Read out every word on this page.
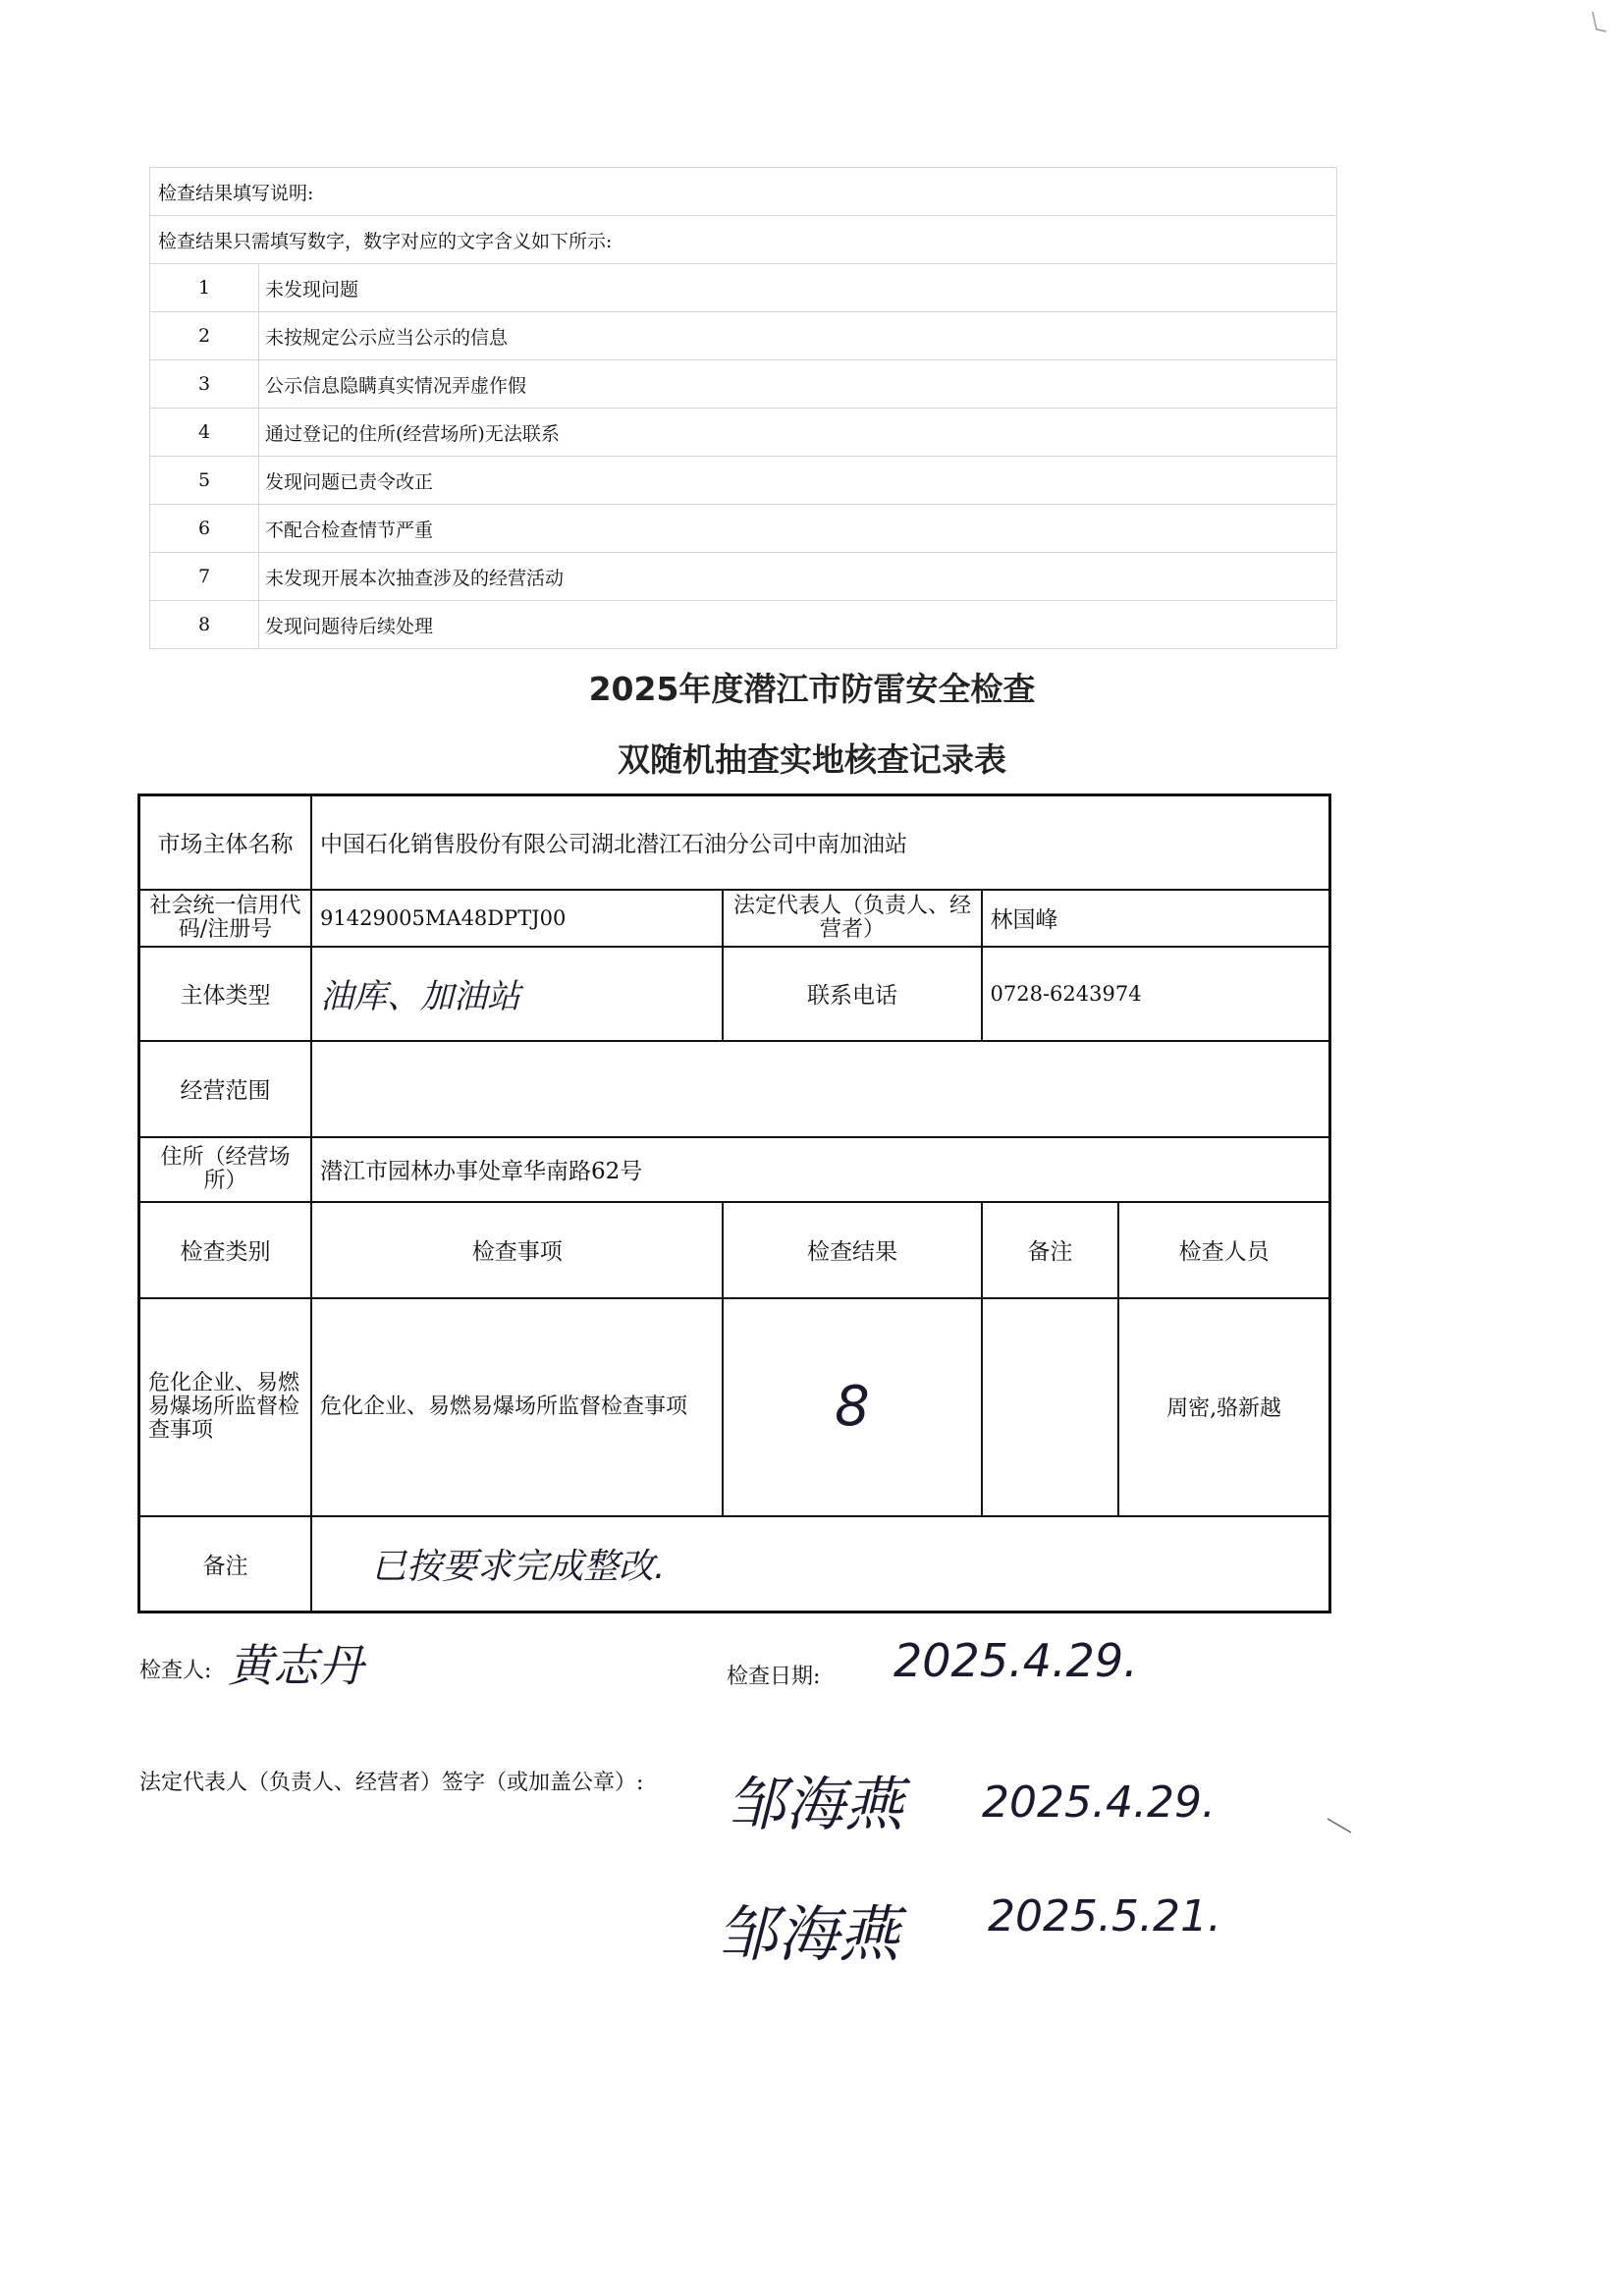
检查结果填写说明:	
检查结果只需填写数字，数字对应的文字含义如下所示:	
1	未发现问题
2	未按规定公示应当公示的信息
3	公示信息隐瞒真实情况弄虚作假
4	通过登记的住所(经营场所)无法联系
5	发现问题已责令改正
6	不配合检查情节严重
7	未发现开展本次抽查涉及的经营活动
8	发现问题待后续处理
2025年度潜江市防雷安全检查
双随机抽查实地核查记录表
市场主体名称	中国石化销售股份有限公司湖北潜江石油分公司中南加油站			
社会统一信用代码/注册号	91429005MA48DPTJ00	法定代表人（负责人、经营者）	林国峰	
主体类型	油库、加油站	联系电话	0728-6243974	
经营范围				
住所（经营场所）	潜江市园林办事处章华南路62号			
检查类别	检查事项	检查结果	备注	检查人员
危化企业、易燃易爆场所监督检查事项	危化企业、易燃易爆场所监督检查事项	8		周密,骆新越
备注	已按要求完成整改.			
检查人: 黄志丹	检查日期: 2025.4.29.
法定代表人（负责人、经营者）签字（或加盖公章）: 邹海燕 2025.4.29.
邹海燕 2025.5.21.
